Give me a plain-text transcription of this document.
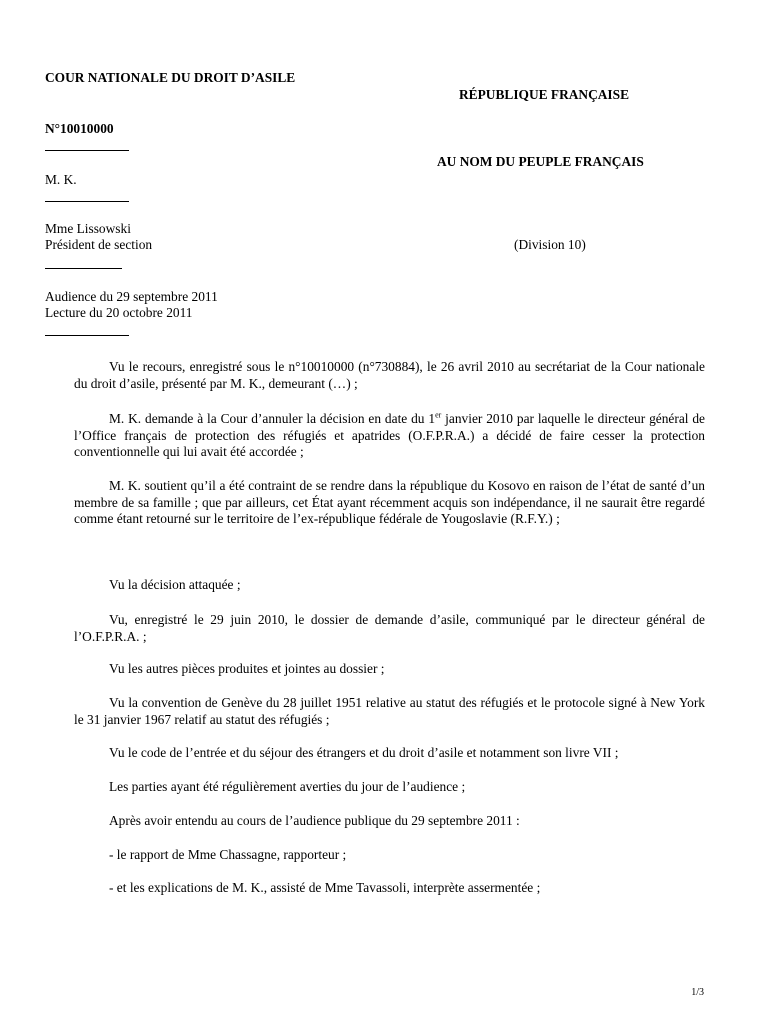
COUR NATIONALE DU DROIT D’ASILE
RÉPUBLIQUE FRANÇAISE
N°10010000
AU NOM DU PEUPLE FRANÇAIS
M. K.
Mme Lissowski
Président de section	(Division 10)
Audience du 29 septembre 2011
Lecture du 20 octobre 2011
Vu le recours, enregistré sous le n°10010000 (n°730884), le 26 avril 2010 au secrétariat de la Cour nationale du droit d’asile, présenté par M. K., demeurant (…) ;
M. K. demande à la Cour d’annuler la décision en date du 1er janvier 2010 par laquelle le directeur général de l’Office français de protection des réfugiés et apatrides (O.F.P.R.A.) a décidé de faire cesser la protection conventionnelle qui lui avait été accordée ;
M. K. soutient qu’il a été contraint de se rendre dans la république du Kosovo en raison de l’état de santé d’un membre de sa famille ; que par ailleurs, cet État ayant récemment acquis son indépendance, il ne saurait être regardé comme étant retourné sur le territoire de l’ex-république fédérale de Yougoslavie (R.F.Y.) ;
Vu la décision attaquée ;
Vu, enregistré le 29 juin 2010, le dossier de demande d’asile, communiqué par le directeur général de l’O.F.P.R.A. ;
Vu les autres pièces produites et jointes au dossier ;
Vu la convention de Genève du 28 juillet 1951 relative au statut des réfugiés et le protocole signé à New York le 31 janvier 1967 relatif au statut des réfugiés ;
Vu le code de l’entrée et du séjour des étrangers et du droit d’asile et notamment son livre VII ;
Les parties ayant été régulièrement averties du jour de l’audience ;
Après avoir entendu au cours de l’audience publique du 29 septembre 2011 :
- le rapport de Mme Chassagne, rapporteur ;
- et les explications de M. K., assisté de Mme Tavassoli, interprète assermentée ;
1/3
